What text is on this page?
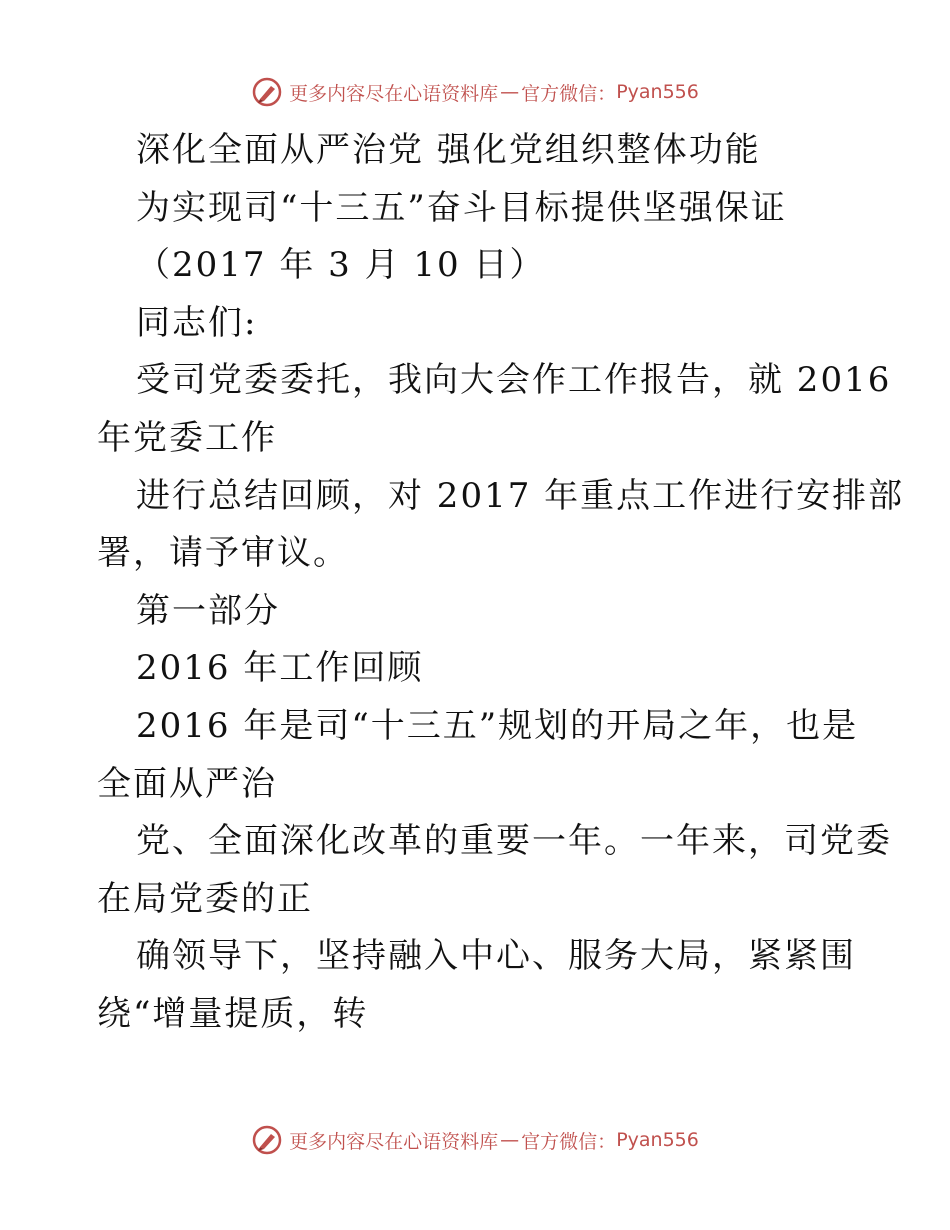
更多内容尽在心语资料库 — 官方微信： Pyan556
深化全面从严治党 强化党组织整体功能
为实现司“十三五”奋斗目标提供坚强保证
（2017 年 3 月 10 日）
同志们:
受司党委委托，我向大会作工作报告，就 2016
年党委工作
进行总结回顾，对 2017 年重点工作进行安排部
署，请予审议。
第一部分
2016 年工作回顾
2016 年是司“十三五”规划的开局之年，也是
全面从严治
党、全面深化改革的重要一年。一年来，司党委
在局党委的正
确领导下，坚持融入中心、服务大局，紧紧围
绕“增量提质，转
更多内容尽在心语资料库 — 官方微信： Pyan556
